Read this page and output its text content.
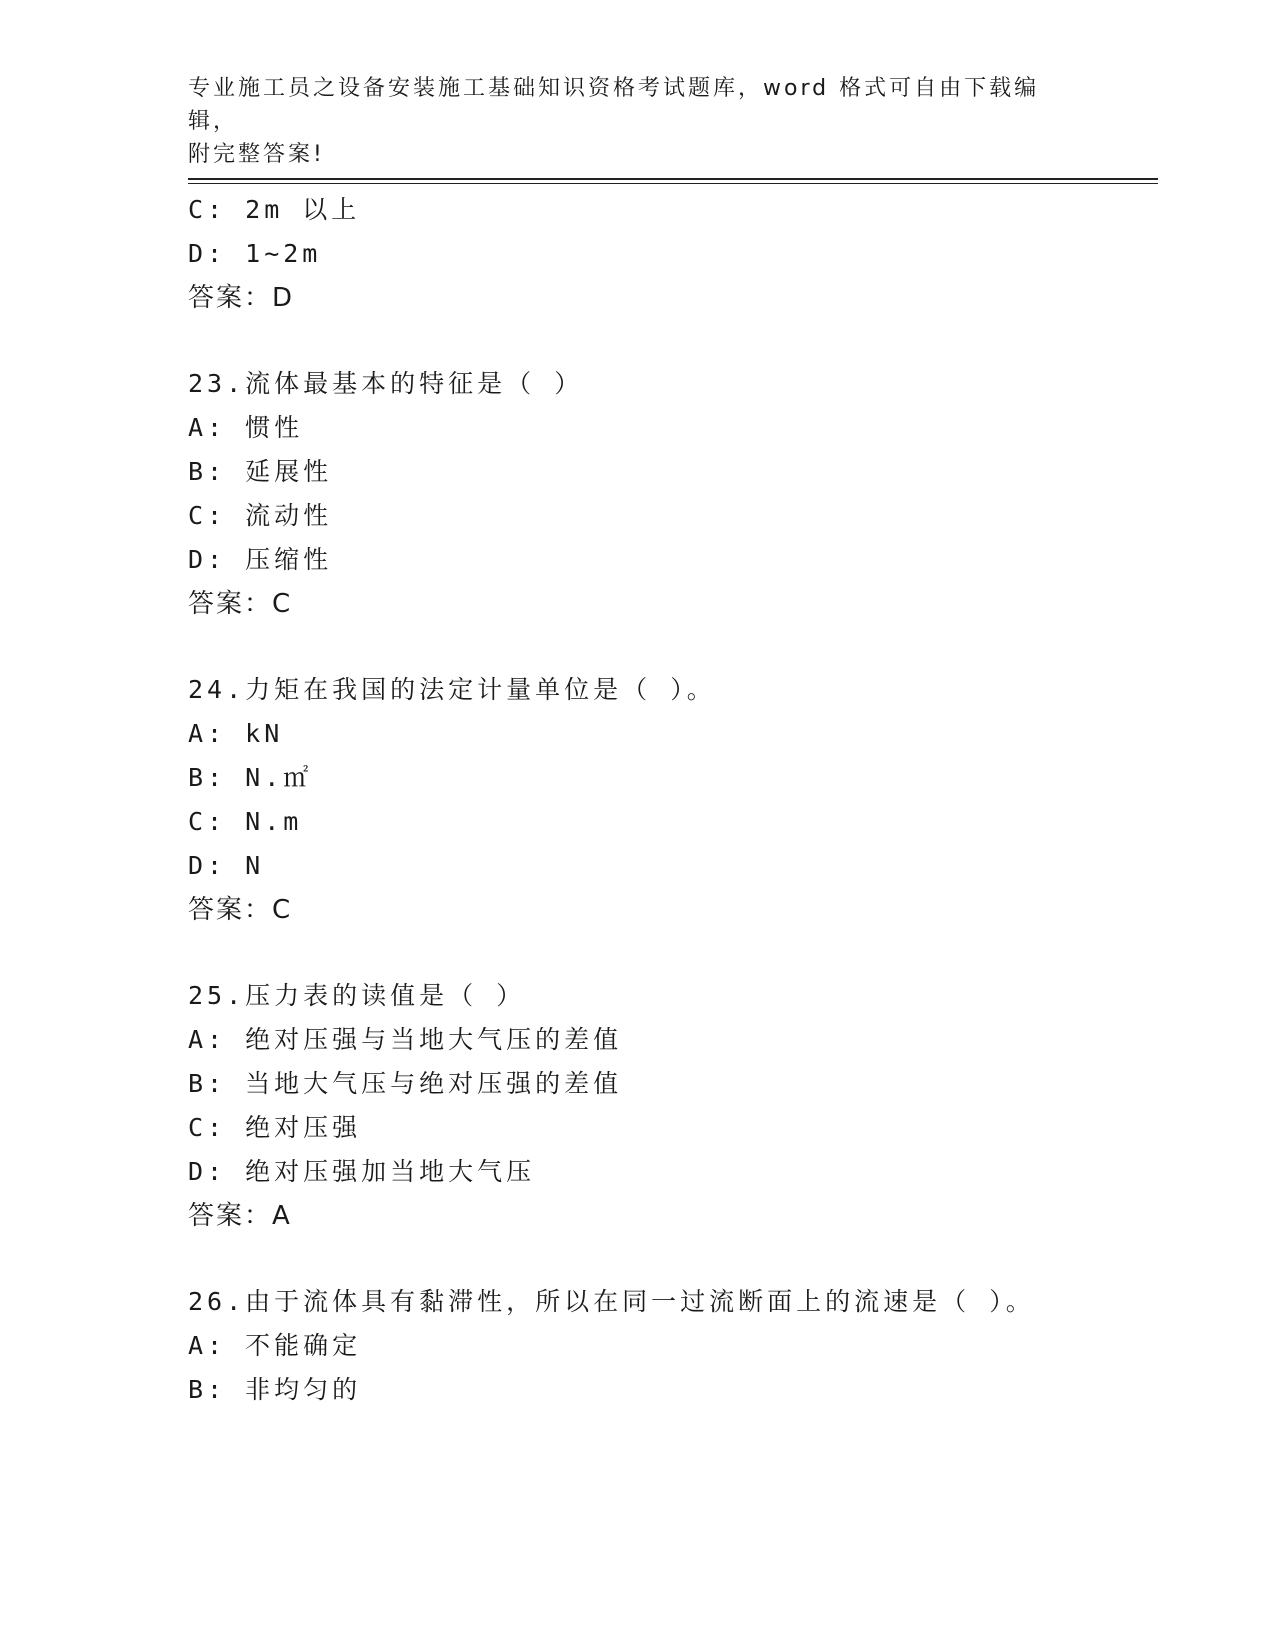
专业施工员之设备安装施工基础知识资格考试题库，word 格式可自由下载编辑，
附完整答案!
C: 2m 以上
D: 1~2m
答案：D
23.流体最基本的特征是（ ）
A: 惯性
B: 延展性
C: 流动性
D: 压缩性
答案：C
24.力矩在我国的法定计量单位是（ ）。
A: kN
B: N.㎡
C: N.m
D: N
答案：C
25.压力表的读值是（ ）
A: 绝对压强与当地大气压的差值
B: 当地大气压与绝对压强的差值
C: 绝对压强
D: 绝对压强加当地大气压
答案：A
26.由于流体具有黏滞性，所以在同一过流断面上的流速是（ ）。
A: 不能确定
B: 非均匀的
